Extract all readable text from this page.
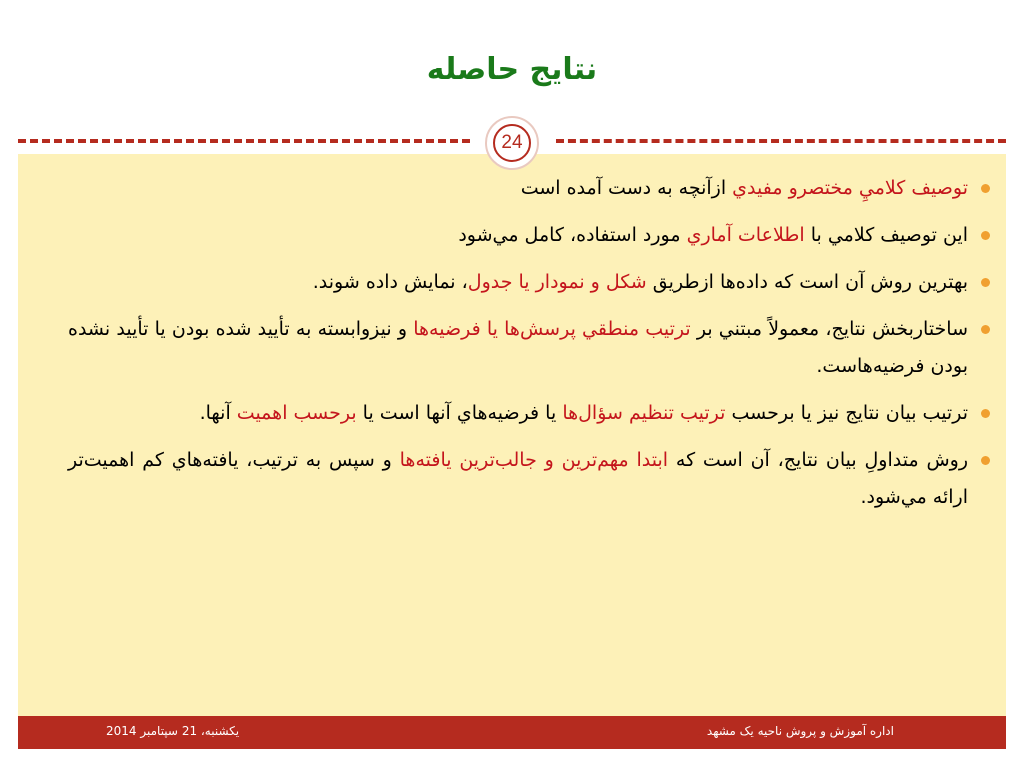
نتایج حاصله
24
توصيف كلاميِ مختصرو مفيدي ازآنچه به دست آمده است
اين توصيف كلامي با اطلاعات آماري مورد استفاده، كامل مي‌شود
بهترين روش آن است كه داده‌ها ازطريق شكل و نمودار يا جدول، نمايش داده شوند.
ساختاربخش نتايج، معمولاً مبتني بر ترتيب منطقي پرسش‌ها يا فرضيه‌ها و نيزوابسته به تأييد شده بودن يا تأييد نشده بودن فرضيه‌هاست.
ترتيب بيان نتايج نيز يا برحسب ترتيب تنظيم سؤال‌ها يا فرضيه‌هاي آنها است يا برحسب اهميت آنها.
روش متداولِ بيان نتايج، آن است كه ابتدا مهم‌ترين و جالب‌ترين يافته‌ها و سپس به ترتيب، يافته‌هاي كم اهميت‌تر ارائه مي‌شود.
یکشنبه، 21 سپتامبر 2014	اداره آموزش و پروش ناحیه یک مشهد
